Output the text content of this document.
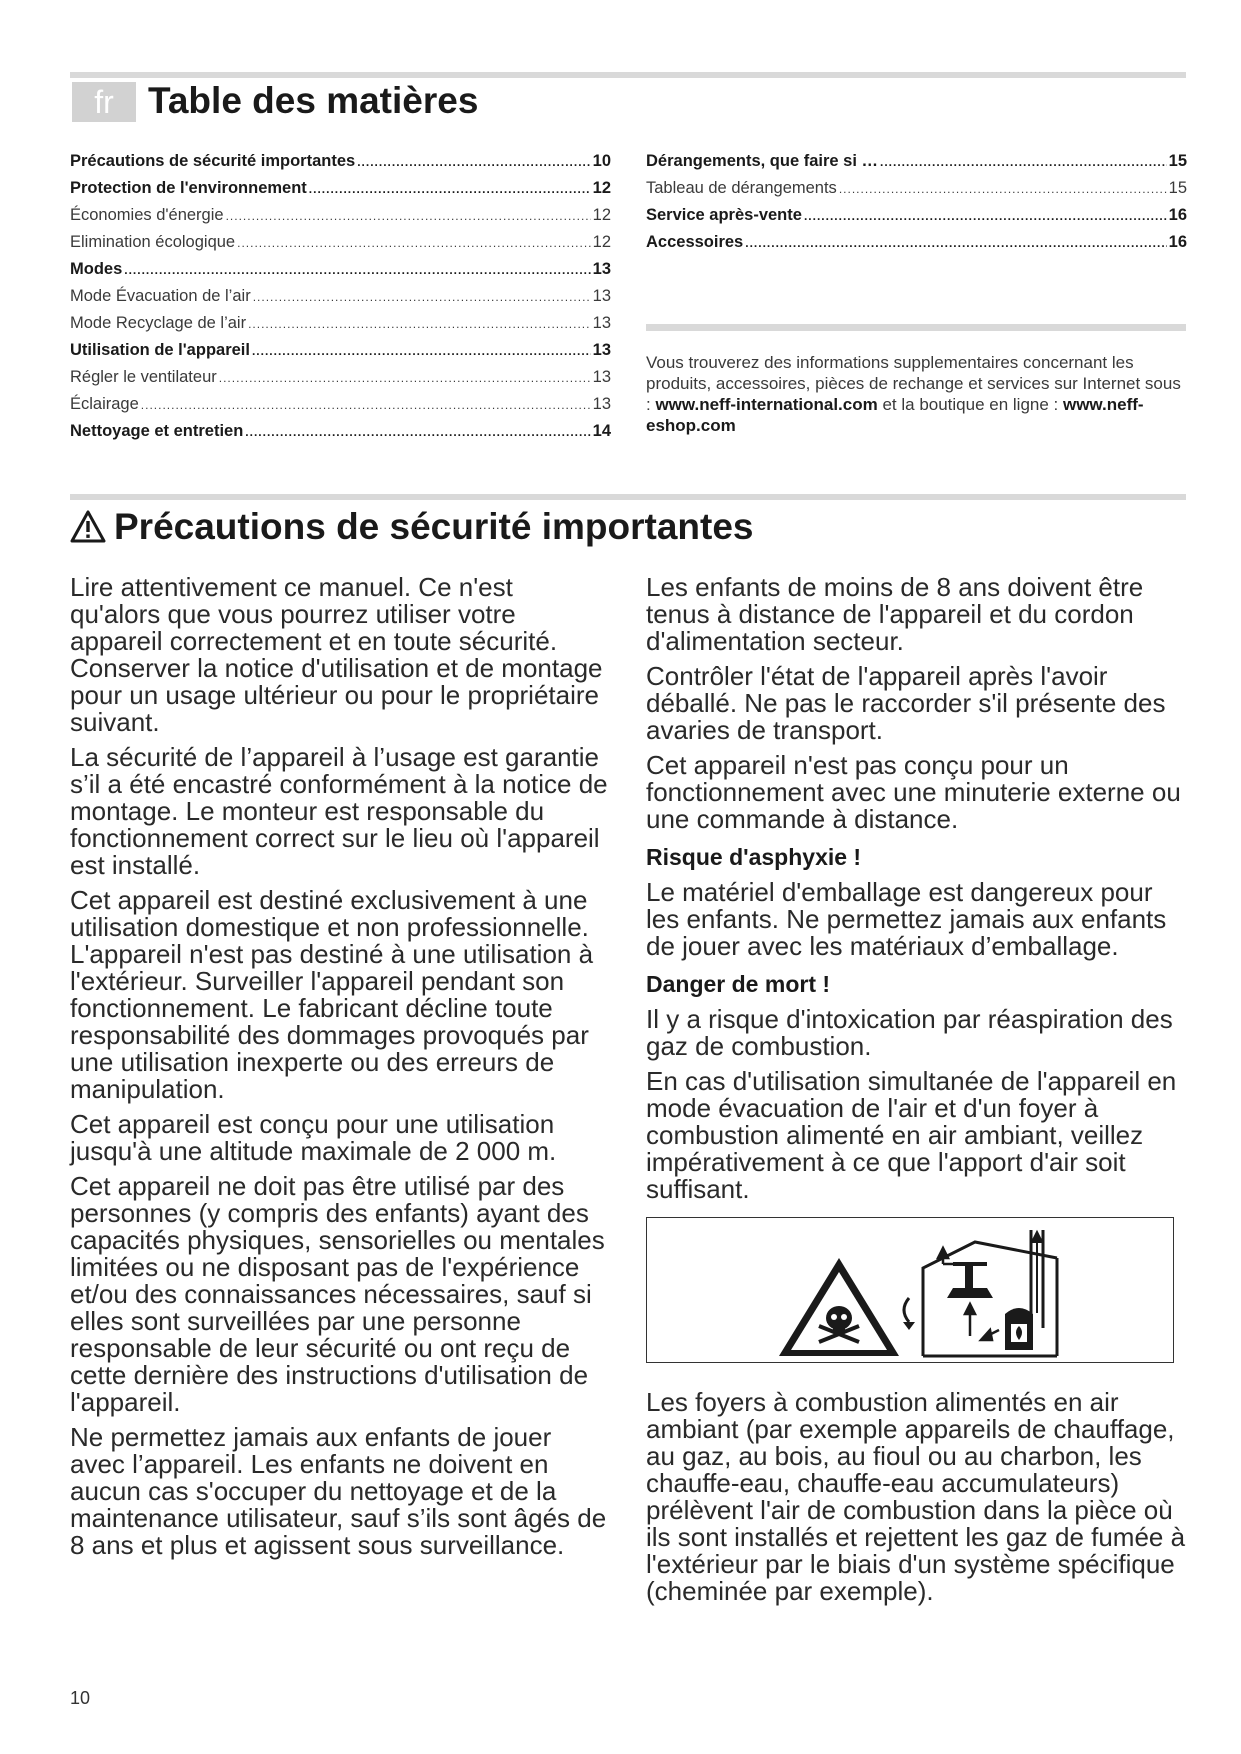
fr Table des matières
Précautions de sécurité importantes .....	10
Protection de l'environnement .....	12
Économies d'énergie .....	12
Elimination écologique .....	12
Modes .....	13
Mode Évacuation de l’air .....	13
Mode Recyclage de l’air .....	13
Utilisation de l'appareil .....	13
Régler le ventilateur .....	13
Éclairage .....	13
Nettoyage et entretien .....	14
Dérangements, que faire si … .....	15
Tableau de dérangements .....	15
Service après-vente .....	16
Accessoires .....	16

Vous trouverez des informations supplementaires concernant les produits, accessoires, pièces de rechange et services sur Internet sous : www.neff-international.com et la boutique en ligne : www.neff-eshop.com

Précautions de sécurité importantes

Lire attentivement ce manuel. Ce n'est qu'alors que vous pourrez utiliser votre appareil correctement et en toute sécurité. Conserver la notice d'utilisation et de montage pour un usage ultérieur ou pour le propriétaire suivant.

La sécurité de l’appareil à l’usage est garantie s’il a été encastré conformément à la notice de montage. Le monteur est responsable du fonctionnement correct sur le lieu où l'appareil est installé.

Cet appareil est destiné exclusivement à une utilisation domestique et non professionnelle. L'appareil n'est pas destiné à une utilisation à l'extérieur. Surveiller l'appareil pendant son fonctionnement. Le fabricant décline toute responsabilité des dommages provoqués par une utilisation inexperte ou des erreurs de manipulation.

Cet appareil est conçu pour une utilisation jusqu'à une altitude maximale de 2 000 m.

Cet appareil ne doit pas être utilisé par des personnes (y compris des enfants) ayant des capacités physiques, sensorielles ou mentales limitées ou ne disposant pas de l'expérience et/ou des connaissances nécessaires, sauf si elles sont surveillées par une personne responsable de leur sécurité ou ont reçu de cette dernière des instructions d'utilisation de l'appareil.

Ne permettez jamais aux enfants de jouer avec l’appareil. Les enfants ne doivent en aucun cas s'occuper du nettoyage et de la maintenance utilisateur, sauf s’ils sont âgés de 8 ans et plus et agissent sous surveillance.

Les enfants de moins de 8 ans doivent être tenus à distance de l'appareil et du cordon d'alimentation secteur.

Contrôler l'état de l'appareil après l'avoir déballé. Ne pas le raccorder s'il présente des avaries de transport.

Cet appareil n'est pas conçu pour un fonctionnement avec une minuterie externe ou une commande à distance.

Risque d'asphyxie !

Le matériel d'emballage est dangereux pour les enfants. Ne permettez jamais aux enfants de jouer avec les matériaux d’emballage.

Danger de mort !

Il y a risque d'intoxication par réaspiration des gaz de combustion.

En cas d'utilisation simultanée de l'appareil en mode évacuation de l'air et d'un foyer à combustion alimenté en air ambiant, veillez impérativement à ce que l'apport d'air soit suffisant.

Les foyers à combustion alimentés en air ambiant (par exemple appareils de chauffage, au gaz, au bois, au fioul ou au charbon, les chauffe-eau, chauffe-eau accumulateurs) prélèvent l'air de combustion dans la pièce où ils sont installés et rejettent les gaz de fumée à l'extérieur par le biais d'un système spécifique (cheminée par exemple).

10
